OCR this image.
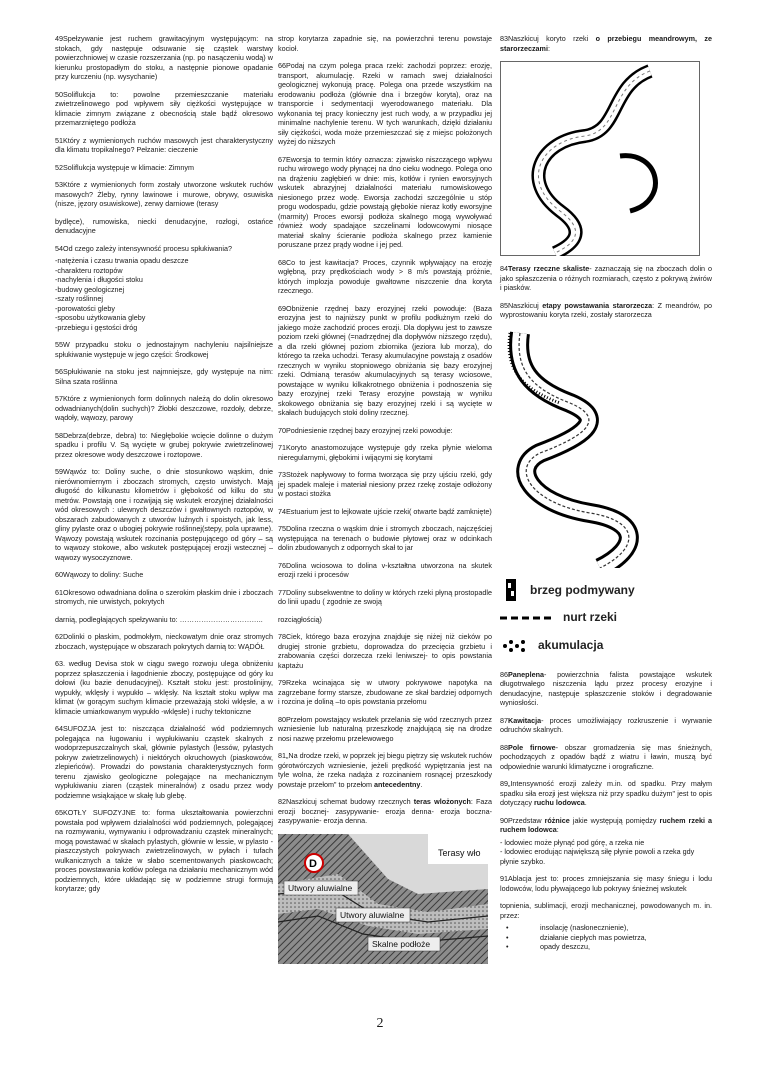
49Spełzywanie jest ruchem grawitacyjnym występującym: na stokach, gdy następuje odsuwanie się cząstek warstwy powierzchniowej w czasie rozszerzania (np. po nasączeniu wodą) w kierunku prostopadłym do stoku, a następnie pionowe opadanie przy kurczeniu (np. wysychanie)

50Soliflukcja to: powolne przemieszczanie materiału zwietrzelinowego pod wpływem siły ciężkości występujące w klimacie zimnym związane z obecnością stale bądź okresowo przemarzniętego podłoża

51Który z wymienionych ruchów masowych jest charakterystyczny dla klimatu tropikalnego? Pełzanie: cieczenie

52Soliflukcja występuje w klimacie: Zimnym

53Które z wymienionych form zostały utworzone wskutek ruchów masowych? Żleby, rynny lawinowe i murowe, obrywy, osuwiska (nisze, jęzory osuwiskowe), zerwy darniowe (terasy

bydlęce), rumowiska, niecki denudacyjne, rozłogi, ostańce denudacyjne

54Od czego zależy intensywność procesu spłukiwania?

-natężenia i czasu trwania opadu deszcze
-charakteru roztopów
-nachylenia i długości stoku
-budowy geologicznej
-szaty roślinnej
-porowatości gleby
-sposobu użytkowania gleby
-przebiegu i gęstości dróg

55W przypadku stoku o jednostajnym nachyleniu najsilniejsze spłukiwanie występuje w jego części: Środkowej

56Spłukiwanie na stoku jest najmniejsze, gdy występuje na nim: Silna szata roślinna

57Które z wymienionych form dolinnych należą do dolin okresowo odwadnianych(dolin suchych)? Żłobki deszczowe, rozdoły, debrze, wądoły, wąwozy, parowy

58Debrza(debrze, debra) to: Niegłębokie wcięcie dolinne o dużym spadku i profilu V. Są wycięte w grubej pokrywie zwietrzelinowej przez okresowe wody deszczowe i roztopowe.

59Wąwóz to: Doliny suche, o dnie stosunkowo wąskim, dnie nierównomiernym i zboczach stromych, często urwistych. Mają długość do kilkunastu kilometrów i głębokość od kilku do stu metrów. Powstają one i rozwijają się wskutek erozyjnej działalności wód okresowych : ulewnych deszczów i gwałtownych roztopów, w obszarach zabudowanych z utworów luźnych i spoistych, jak less, gliny pylaste oraz o ubogiej pokrywie roślinnej(stepy, pola uprawne). Wąwozy powstają wskutek rozcinania postępującego od góry – są to wąwozy stokowe, albo wskutek postępującej erozji wstecznej – wąwozy wysoczyznowe.

60Wąwozy to doliny: Suche

61Okresowo odwadniana dolina o szerokim płaskim dnie i zboczach stromych, nie urwistych, pokrytych

darnią, podległających spełzywaniu to: ……………………………..

62Dolinki o płaskim, podmokłym, nieckowatym dnie oraz stromych zboczach, występujące w obszarach pokrytych darnią to: WĄDÓŁ

63. według Devisa stok w ciągu swego rozwoju ulega obniżeniu poprzez spłaszczenia i łagodnienie zboczy, postępujące od góry ku dołowi (ku bazie denudacyjnej). Kształt stoku jest: prostolinijny, wypukły, wklęsły i wypukło – wklęsły. Na kształt stoku wpływ ma klimat (w gorącym suchym klimacie przeważają stoki wklęsłe, a w klimacie umiarkowanym wypukło -wklęsłe) i ruchy tektoniczne

64SUFOZJA jest to: niszcząca działalność wód podziemnych polegająca na ługowaniu i wypłukiwaniu cząstek skalnych z wodoprzepuszczalnych skał, głównie pylastych (lessów, pylastych pokryw zwietrzelinowych) i niektórych okruchowych (piaskowców, zlepieńców). Prowadzi do powstania charakterystycznych form terenu zjawisko geologiczne polegające na mechanicznym wypłukiwaniu ziaren (cząstek mineralnów) z osadu przez wody podziemne wsiąkające w skałę lub glebę.

65KOTŁY SUFOZYJNE to: forma ukształtowania powierzchni powstała pod wpływem działalności wód podziemnych, polegającej na rozmywaniu, wymywaniu i odprowadzaniu cząstek mineralnych; mogą powstawać w skałach pylastych, głównie w lessie, w pylasto - piaszczystych pokrywach zwietrzelinowych, w pyłach i tufach wulkanicznych a także w słabo scementowanych piaskowcach; proces powstawania kotłów polega na działaniu mechanicznym wód podziemnych, które układając się w podziemne strugi formują korytarze; gdy

strop korytarza zapadnie się, na powierzchni terenu powstaje kocioł.

66Podaj na czym polega praca rzeki: zachodzi poprzez: erozję, transport, akumulację. Rzeki w ramach swej działalności geologicznej wykonują pracę. Polega ona przede wszystkim na erodowaniu podłoża (głównie dna i brzegów koryta), oraz na transporcie i sedymentacji wyerodowanego materiału. Dla wykonania tej pracy konieczny jest ruch wody, a w przypadku jej minimalne nachylenie terenu. W tych warunkach, dzięki działaniu siły ciężkości, woda może przemieszczać się z miejsc położonych wyżej do niższych

67Eworsja to termin który oznacza: zjawisko niszczącego wpływu ruchu wirowego wody płynącej na dno cieku wodnego. Polega ono na drążeniu zagłębień w dnie: mis, kotłów i rynien eworsyjnych wskutek abrazyjnej działalności materiału rumowiskowego niesionego przez wodę. Eworsja zachodzi szczególnie u stóp progu wodospadu, gdzie powstają głębokie nieraz kotły eworsyjne (marmity) Proces eworsji podłoża skalnego mogą wywoływać również wody spadające szczelinami lodowcowymi niosące materiał skalny ścieranie podłoża skalnego przez kamienie poruszane przez prądy wodne i jej ped.

68Co to jest kawitacja? Proces, czynnik wpływający na erozję wgłębną, przy prędkościach wody > 8 m/s powstają próżnie, których implozja powoduje gwałtowne niszczenie dna koryta rzecznego.

69Obniżenie rzędnej bazy erozyjnej rzeki powoduje: (Baza erozyjna jest to najniższy punkt w profilu podłużnym rzeki do jakiego może zachodzić proces erozji. Dla dopływu jest to zawsze poziom rzeki głównej (=nadrzędnej dla dopływów niższego rzędu), a dla rzeki głównej poziom zbiornika (jeziora lub morza), do którego ta rzeka uchodzi. Terasy akumulacyjne powstają z osadów rzecznych w wyniku stopniowego obniżania się bazy erozyjnej rzeki. Odmianą terasów akumulacyjnych są terasy wciosowe, powstające w wyniku kilkakrotnego obniżenia i podnoszenia się bazy erozyjnej rzeki Terasy erozyjne powstają w wyniku skokowego obniżania się bazy erozyjnej rzeki i są wycięte w skałach budujących stoki doliny rzecznej.

70Podniesienie rzędnej bazy erozyjnej rzeki powoduje:

71Koryto anastomozujące występuje gdy rzeka płynie wieloma nieregularnymi, głębokimi i wijącymi się korytami

73Stożek napływowy to forma tworząca się przy ujściu rzeki, gdy jej spadek maleje i materiał niesiony przez rzekę zostaje odłożony w postaci stożka

74Estuarium jest to lejkowate ujście rzeki( otwarte bądź zamknięte)

75Dolina rzeczna o wąskim dnie i stromych zboczach, najczęściej występująca na terenach o budowie płytowej oraz w odcinkach dolin zbudowanych z odpornych skał to jar

76Dolina wciosowa to dolina v-kształtna utworzona na skutek erozji rzeki i procesów

77Doliny subsekwentne to doliny w których rzeki płyną prostopadle do linii upadu ( zgodnie ze swoją

rozciągłością)

78Ciek, którego baza erozyjna znajduje się niżej niż cieków po drugiej stronie grzbietu, doprowadza do przecięcia grzbietu i zrabowania części dorzecza rzeki leniwszej- to opis powstania kaptażu

79Rzeka wcinająca się w utwory pokrywowe napotyka na zagrzebane formy starsze, zbudowane ze skał bardziej odpornych i rozcina je doliną –to opis powstania przełomu

80Przełom powstający wskutek przelania się wód rzecznych przez wzniesienie lub naturalną przeszkodę znajdującą się na drodze nosi nazwę przełomu przelewowego

81„Na drodze rzeki, w poprzek jej biegu piętrzy się wskutek ruchów górotwórczych wzniesienie, jeżeli prędkość wypiętrzania jest na tyle wolna, że rzeka nadąża z rozcinaniem rosnącej przeszkody powstaje przełom" to przełom antecedentny.

82Naszkicuj schemat budowy rzecznych teras wlożonych: Faza erozji bocznej- zasypywanie- erozja denna- erozja boczna- zasypywanie- erozja denna.

Terasy wło
D
Utwory aluwialne
Utwory aluwialne
Skalne podłoże

83Naszkicuj koryto rzeki o przebiegu meandrowym, ze starorzeczami:

84Terasy rzeczne skaliste- zaznaczają się na zboczach dolin o jako spłaszczenia o różnych rozmiarach, często z pokrywą żwirów i piasków.

85Naszkicuj etapy powstawania starorzecza: Z meandrów, po wyprostowaniu koryta rzeki, zostały starorzecza

brzeg podmywany
nurt rzeki
akumulacja

86Paneplena- powierzchnia falista powstające wskutek długotrwałego niszczenia lądu przez procesy erozyjne i denudacyjne, następuje spłaszczenie stoków i degradowanie wyniosłości.

87Kawitacja- proces umożliwiający rozkruszenie i wyrwanie odruchów skalnych.

88Pole firnowe- obszar gromadzenia się mas śnieżnych, pochodzących z opadów bądź z wiatru i ławin, muszą być odpowiednie warunki klimatyczne i orograficzne.

89„Intensywność erozji zależy m.in. od spadku. Przy małym spadku siła erozji jest większa niż przy spadku dużym" jest to opis dotyczący ruchu lodowca.

90Przedstaw różnice jakie występują pomiędzy ruchem rzeki a ruchem lodowca:

- lodowiec może płynąć pod górę, a rzeka nie
- lodowiec erodując największą siłę płynie powoli a rzeka gdy płynie szybko.

91Ablacja jest to: proces zmniejszania się masy śniegu i lodu lodowców, lodu pływającego lub pokrywy śnieżnej wskutek

topnienia, sublimacji, erozji mechanicznej, powodowanych m. in. przez:

• insolację (nasłonecznienie),
• działanie ciepłych mas powietrza,
• opady deszczu,
2
